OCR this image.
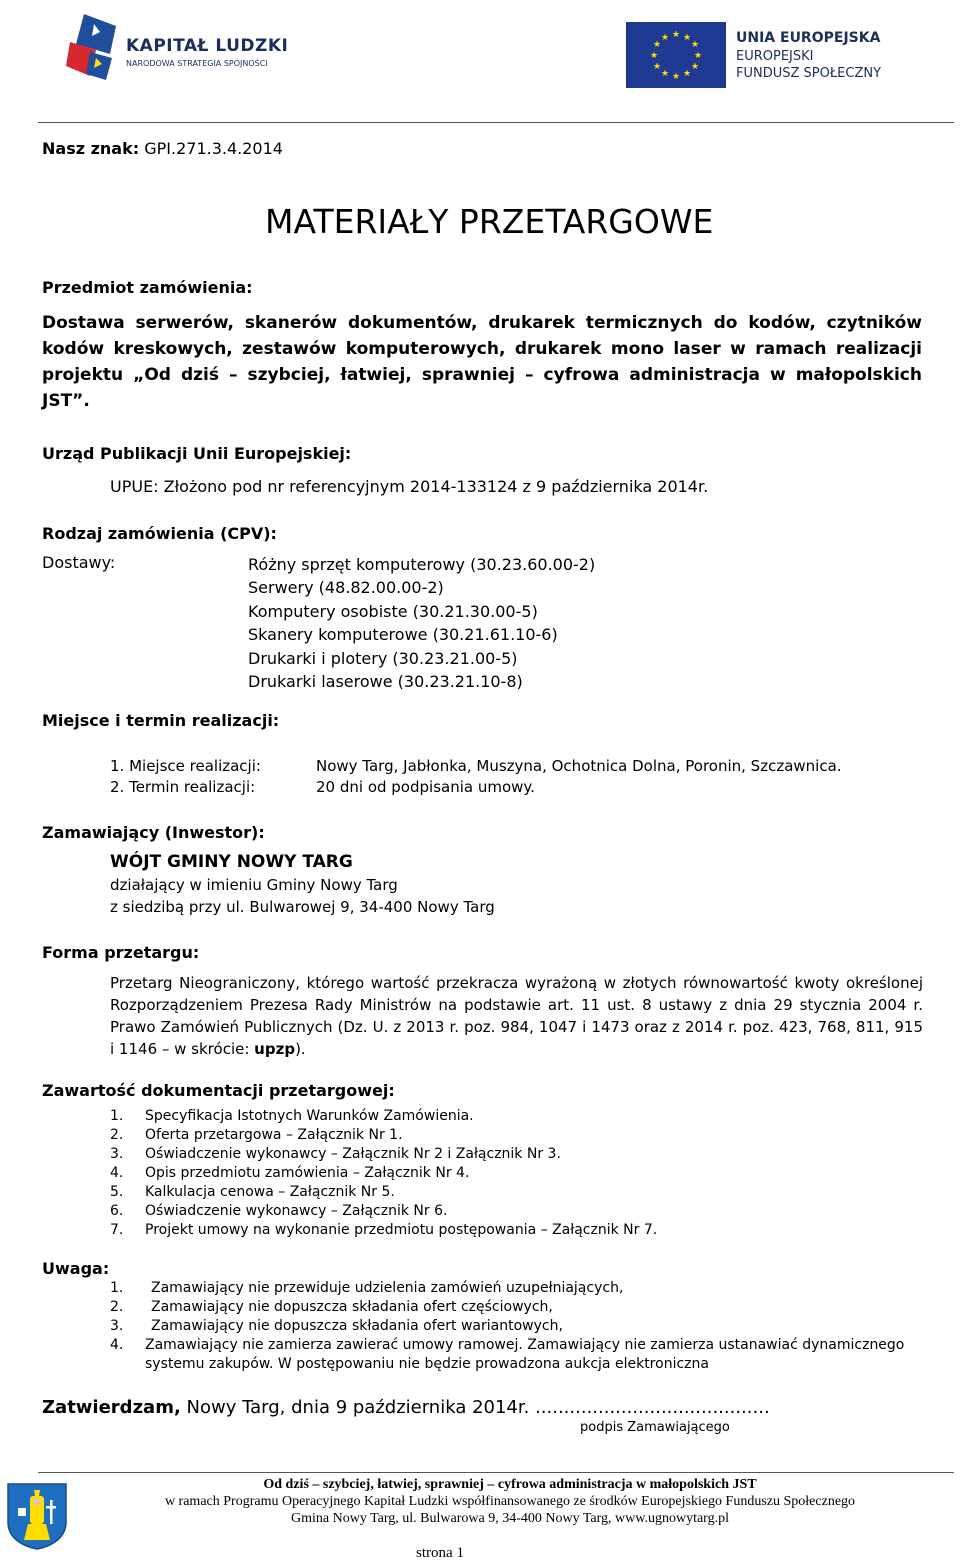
KAPITAŁ LUDZKI
NARODOWA STRATEGIA SPÓJNOŚCI
★ ★
★
★
★
★
★
★
★
★
★
★	UNIA EUROPEJSKA
EUROPEJSKI
FUNDUSZ SPOŁECZNY
Nasz znak: GPI.271.3.4.2014
MATERIAŁY PRZETARGOWE
Przedmiot zamówienia:
Dostawa serwerów, skanerów dokumentów, drukarek termicznych do kodów, czytników kodów kreskowych, zestawów komputerowych, drukarek mono laser w ramach realizacji projektu „Od dziś – szybciej, łatwiej, sprawniej – cyfrowa administracja w małopolskich JST”.
Urząd Publikacji Unii Europejskiej:
UPUE: Złożono pod nr referencyjnym 2014-133124 z 9 października 2014r.
Rodzaj zamówienia (CPV):
Dostawy:	Różny sprzęt komputerowy (30.23.60.00-2)
Serwery (48.82.00.00-2)
Komputery osobiste (30.21.30.00-5)
Skanery komputerowe (30.21.61.10-6)
Drukarki i plotery (30.23.21.00-5)
Drukarki laserowe (30.23.21.10-8)
Miejsce i termin realizacji:
1. Miejsce realizacji:	Nowy Targ, Jabłonka, Muszyna, Ochotnica Dolna, Poronin, Szczawnica.
2. Termin realizacji:	20 dni od podpisania umowy.
Zamawiający (Inwestor):
WÓJT GMINY NOWY TARG
działający w imieniu Gminy Nowy Targ
z siedzibą przy ul. Bulwarowej 9, 34-400 Nowy Targ
Forma przetargu:
Przetarg Nieograniczony, którego wartość przekracza wyrażoną w złotych równowartość kwoty określonej Rozporządzeniem Prezesa Rady Ministrów na podstawie art. 11 ust. 8 ustawy z dnia 29 stycznia 2004 r. Prawo Zamówień Publicznych (Dz. U. z 2013 r. poz. 984, 1047 i 1473 oraz z 2014 r. poz. 423, 768, 811, 915 i 1146 – w skrócie: upzp).
Zawartość dokumentacji przetargowej:
1. Specyfikacja Istotnych Warunków Zamówienia.
2. Oferta przetargowa – Załącznik Nr 1.
3. Oświadczenie wykonawcy – Załącznik Nr 2 i Załącznik Nr 3.
4. Opis przedmiotu zamówienia – Załącznik Nr 4.
5. Kalkulacja cenowa – Załącznik Nr 5.
6. Oświadczenie wykonawcy – Załącznik Nr 6.
7. Projekt umowy na wykonanie przedmiotu postępowania – Załącznik Nr 7.
Uwaga:
1. Zamawiający nie przewiduje udzielenia zamówień uzupełniających,
2. Zamawiający nie dopuszcza składania ofert częściowych,
3. Zamawiający nie dopuszcza składania ofert wariantowych,
4. Zamawiający nie zamierza zawierać umowy ramowej. Zamawiający nie zamierza ustanawiać dynamicznego
systemu zakupów. W postępowaniu nie będzie prowadzona aukcja elektroniczna
Zatwierdzam, Nowy Targ, dnia 9 października 2014r. .........................................
podpis Zamawiającego
Od dziś – szybciej, łatwiej, sprawniej – cyfrowa administracja w małopolskich JST
w ramach Programu Operacyjnego Kapitał Ludzki współfinansowanego ze środków Europejskiego Funduszu Społecznego
Gmina Nowy Targ, ul. Bulwarowa 9, 34-400 Nowy Targ, www.ugnowytarg.pl
strona 1
